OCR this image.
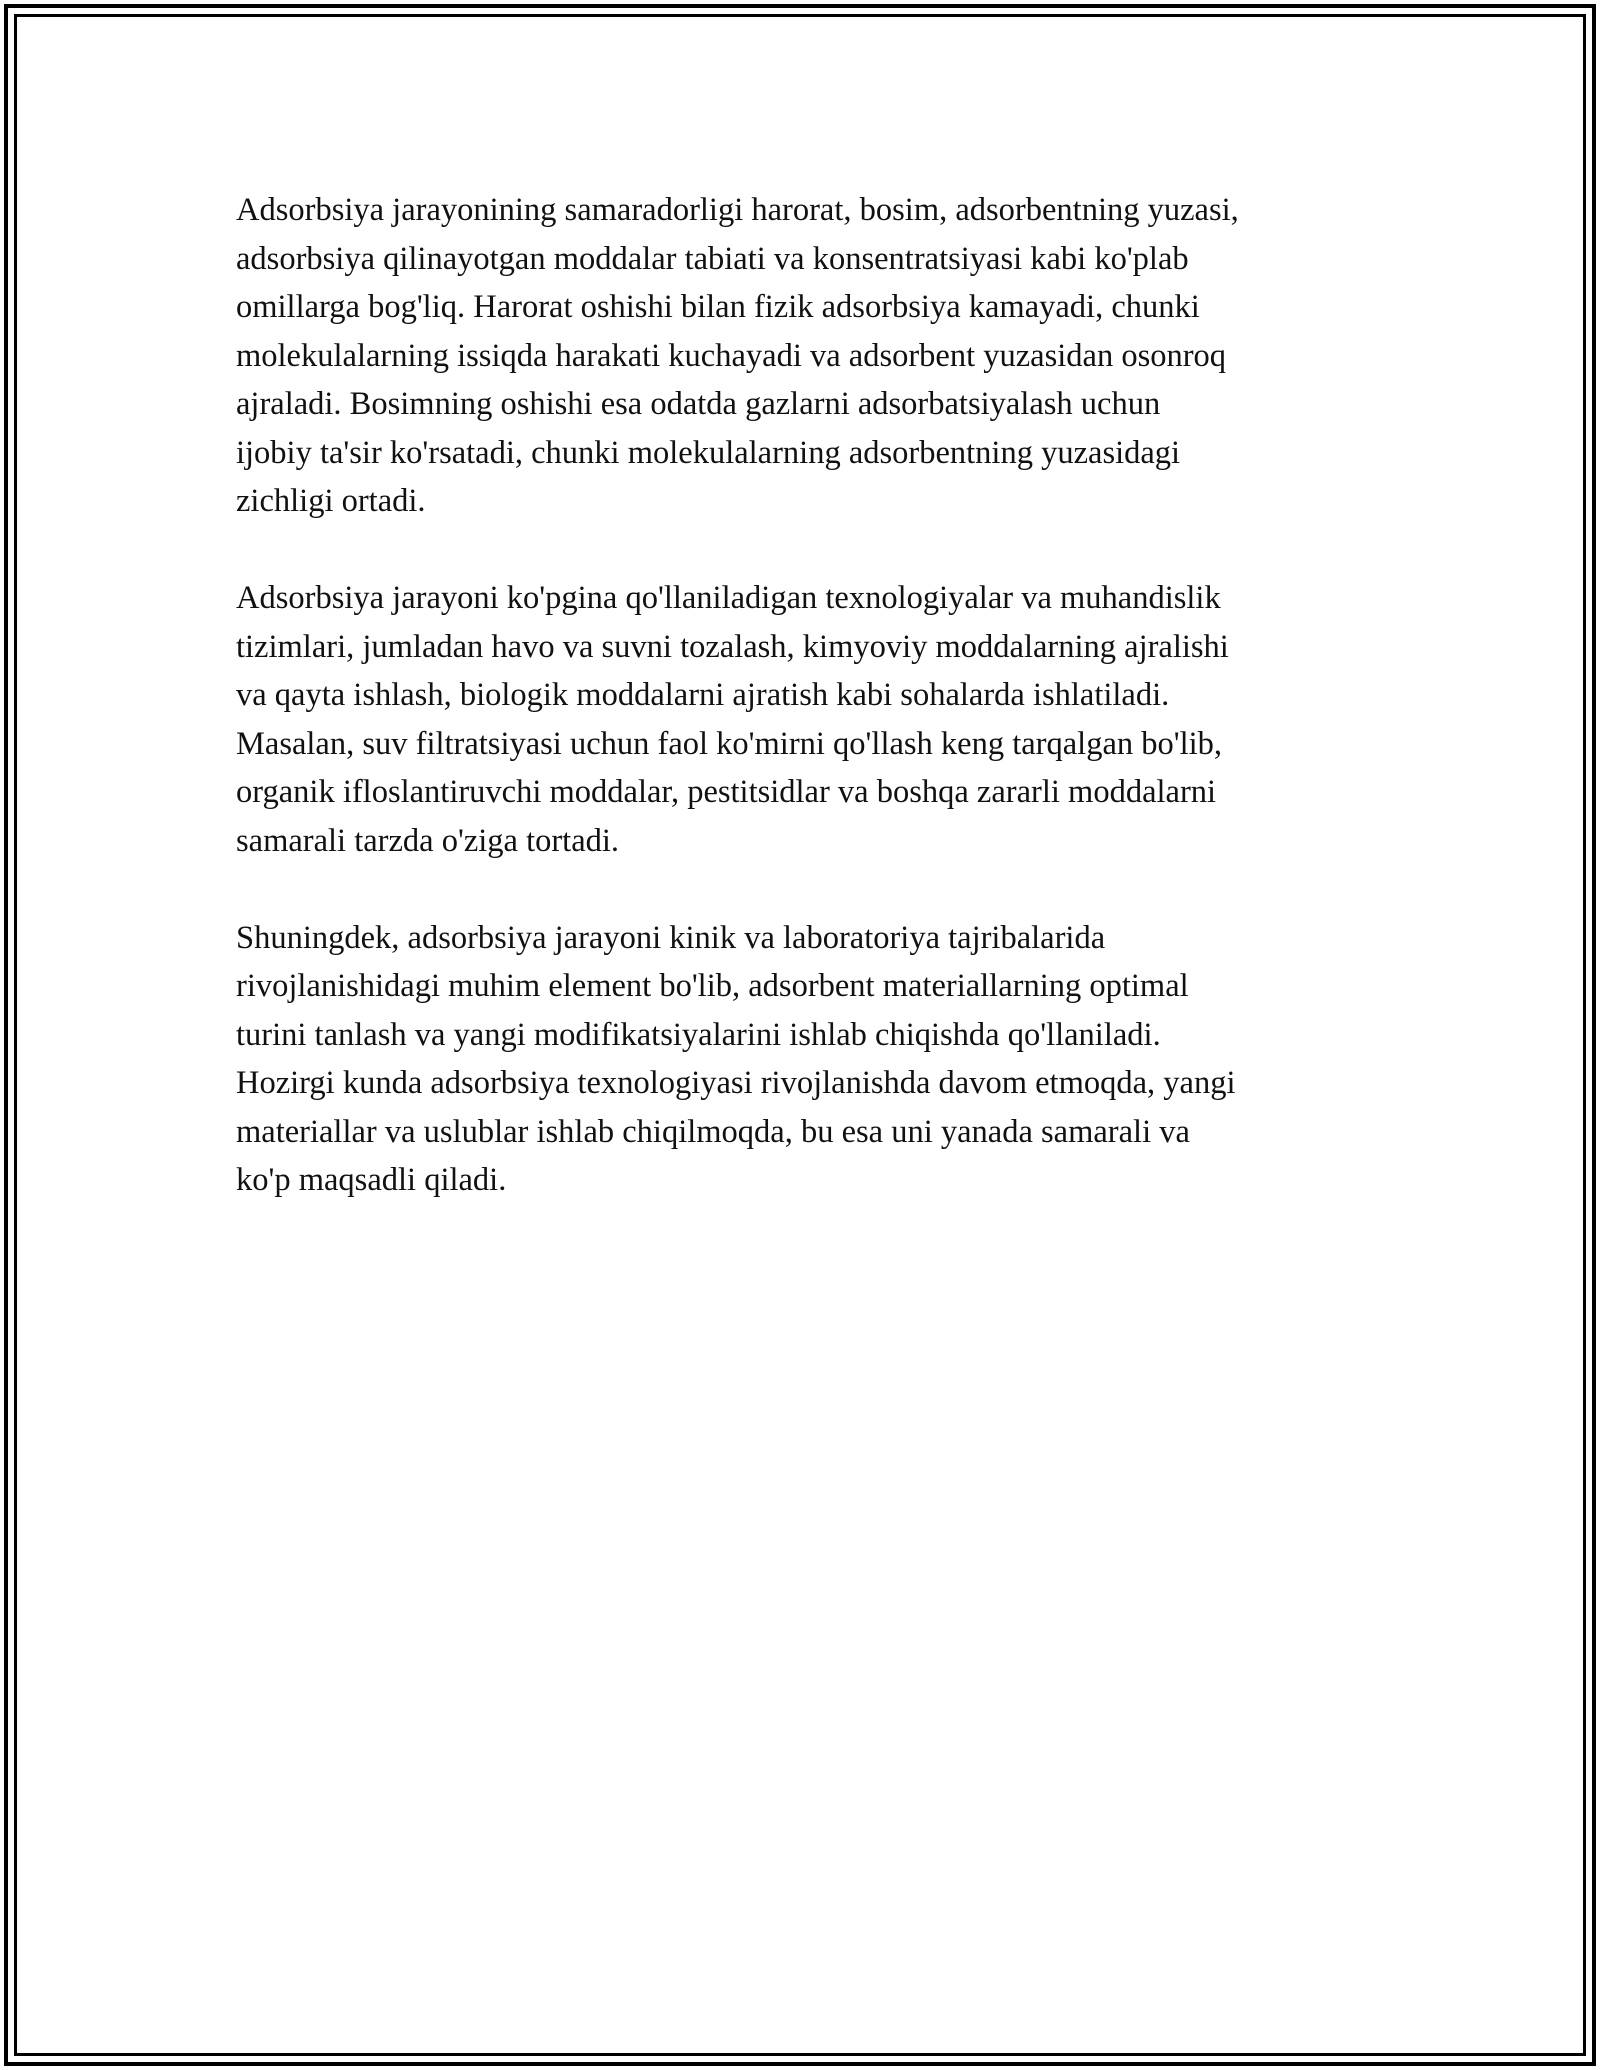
Adsorbsiya jarayonining samaradorligi harorat, bosim, adsorbentning yuzasi,
adsorbsiya qilinayotgan moddalar tabiati va konsentratsiyasi kabi ko'plab
omillarga bog'liq. Harorat oshishi bilan fizik adsorbsiya kamayadi, chunki
molekulalarning issiqda harakati kuchayadi va adsorbent yuzasidan osonroq
ajraladi. Bosimning oshishi esa odatda gazlarni adsorbatsiyalash uchun
ijobiy ta'sir ko'rsatadi, chunki molekulalarning adsorbentning yuzasidagi
zichligi ortadi.

Adsorbsiya jarayoni ko'pgina qo'llaniladigan texnologiyalar va muhandislik
tizimlari, jumladan havo va suvni tozalash, kimyoviy moddalarning ajralishi
va qayta ishlash, biologik moddalarni ajratish kabi sohalarda ishlatiladi.
Masalan, suv filtratsiyasi uchun faol ko'mirni qo'llash keng tarqalgan bo'lib,
organik ifloslantiruvchi moddalar, pestitsidlar va boshqa zararli moddalarni
samarali tarzda o'ziga tortadi.

Shuningdek, adsorbsiya jarayoni kinik va laboratoriya tajribalarida
rivojlanishidagi muhim element bo'lib, adsorbent materiallarning optimal
turini tanlash va yangi modifikatsiyalarini ishlab chiqishda qo'llaniladi.
Hozirgi kunda adsorbsiya texnologiyasi rivojlanishda davom etmoqda, yangi
materiallar va uslublar ishlab chiqilmoqda, bu esa uni yanada samarali va
ko'p maqsadli qiladi.
